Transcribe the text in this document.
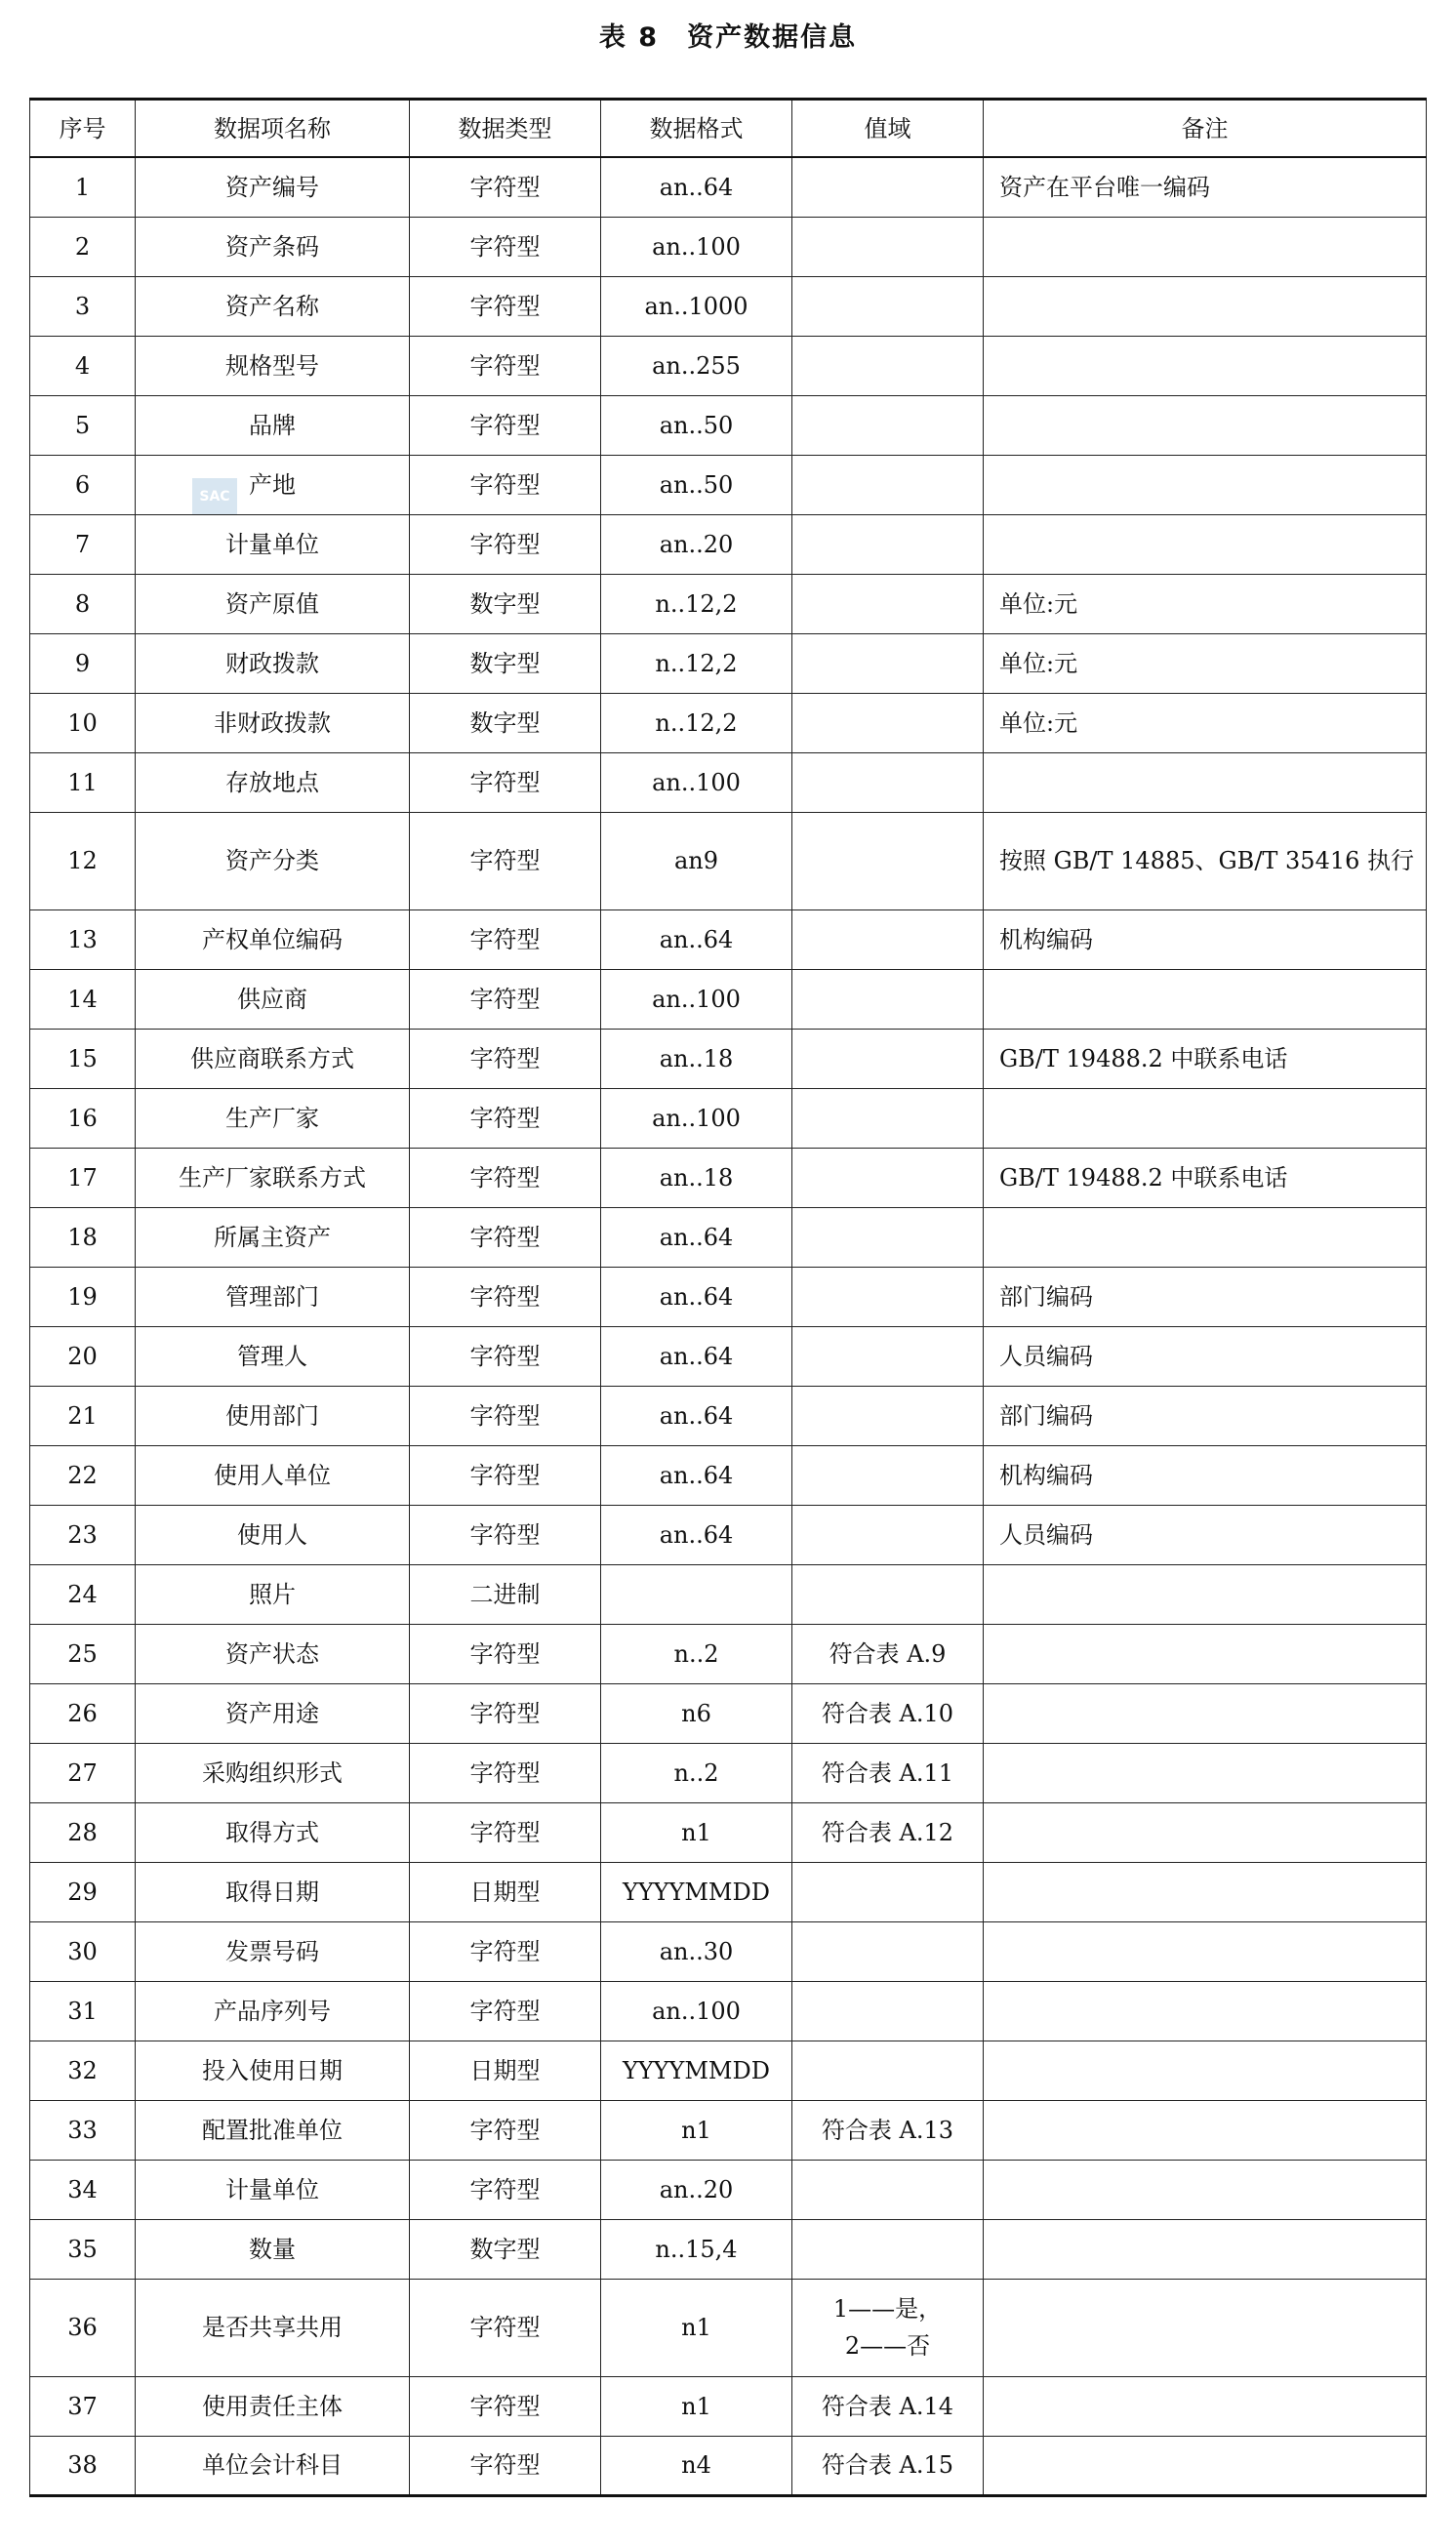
表 8　资产数据信息
SAC
序号	数据项名称	数据类型	数据格式	值域	备注
1	资产编号	字符型	an..64		资产在平台唯一编码
2	资产条码	字符型	an..100		
3	资产名称	字符型	an..1000		
4	规格型号	字符型	an..255		
5	品牌	字符型	an..50		
6	产地	字符型	an..50		
7	计量单位	字符型	an..20		
8	资产原值	数字型	n..12,2		单位:元
9	财政拨款	数字型	n..12,2		单位:元
10	非财政拨款	数字型	n..12,2		单位:元
11	存放地点	字符型	an..100		
12	资产分类	字符型	an9		按照 GB/T 14885、GB/T 35416 执行
13	产权单位编码	字符型	an..64		机构编码
14	供应商	字符型	an..100		
15	供应商联系方式	字符型	an..18		GB/T 19488.2 中联系电话
16	生产厂家	字符型	an..100		
17	生产厂家联系方式	字符型	an..18		GB/T 19488.2 中联系电话
18	所属主资产	字符型	an..64		
19	管理部门	字符型	an..64		部门编码
20	管理人	字符型	an..64		人员编码
21	使用部门	字符型	an..64		部门编码
22	使用人单位	字符型	an..64		机构编码
23	使用人	字符型	an..64		人员编码
24	照片	二进制			
25	资产状态	字符型	n..2	符合表 A.9	
26	资产用途	字符型	n6	符合表 A.10	
27	采购组织形式	字符型	n..2	符合表 A.11	
28	取得方式	字符型	n1	符合表 A.12	
29	取得日期	日期型	YYYYMMDD		
30	发票号码	字符型	an..30		
31	产品序列号	字符型	an..100		
32	投入使用日期	日期型	YYYYMMDD		
33	配置批准单位	字符型	n1	符合表 A.13	
34	计量单位	字符型	an..20		
35	数量	数字型	n..15,4		
36	是否共享共用	字符型	n1	1——是，
2——否	
37	使用责任主体	字符型	n1	符合表 A.14	
38	单位会计科目	字符型	n4	符合表 A.15	
